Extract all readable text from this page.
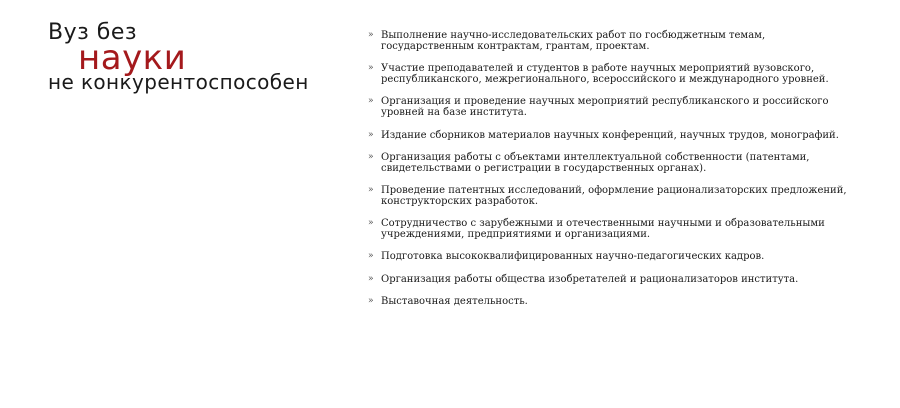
Вуз без
науки
не конкурентоспособен
» Выполнение научно-исследовательских работ по госбюджетным темам, государственным контрактам, грантам, проектам.
» Участие преподавателей и студентов в работе научных мероприятий вузовского, республиканского, межрегионального, всероссийского и международного уровней.
» Организация и проведение научных мероприятий республиканского и российского уровней на базе института.
» Издание сборников материалов научных конференций, научных трудов, монографий.
» Организация работы с объектами интеллектуальной собственности (патентами, свидетельствами о регистрации в государственных органах).
» Проведение патентных исследований, оформление рационализаторских предложений, конструкторских разработок.
» Сотрудничество с зарубежными и отечественными научными и образовательными учреждениями, предприятиями и организациями.
» Подготовка высококвалифицированных научно-педагогических кадров.
» Организация работы общества изобретателей и рационализаторов института.
» Выставочная деятельность.
